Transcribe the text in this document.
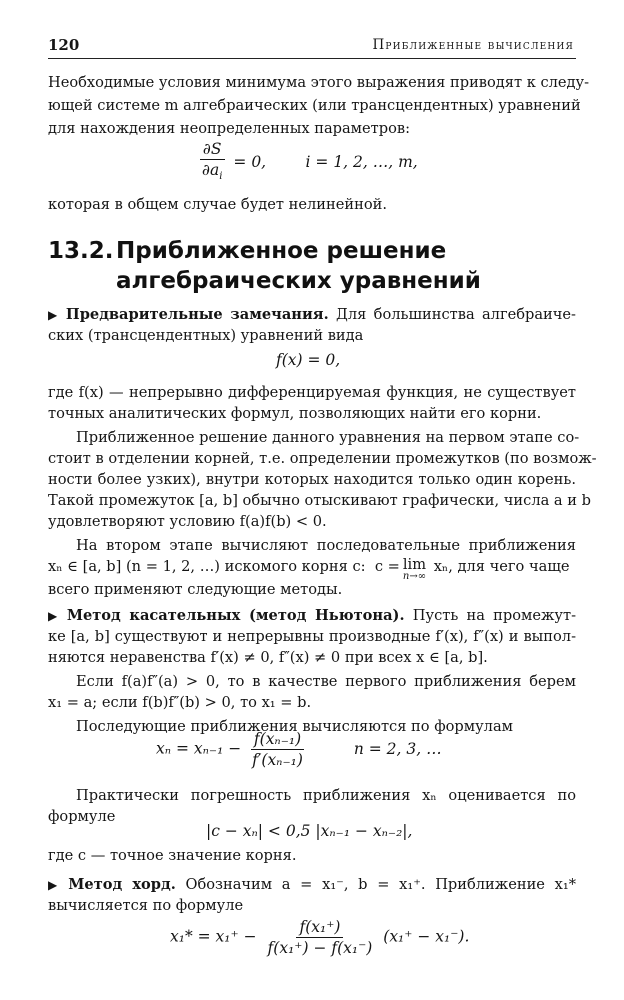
120	Приближенные вычисления
Необходимые условия минимума этого выражения приводят к следу-
ющей системе m алгебраических (или трансцендентных) уравнений
для нахождения неопределенных параметров:
$\frac{\partial S}{\partial a_i} = 0$,        i = 1, 2, …, m,
которая в общем случае будет нелинейной.
13.2. Приближенное решение
алгебраических уравнений
▶ Предварительные замечания. Для большинства алгебраиче-
ских (трансцендентных) уравнений вида
f(x) = 0,
где f(x) — непрерывно дифференцируемая функция, не существует
точных аналитических формул, позволяющих найти его корни.
Приближенное решение данного уравнения на первом этапе со-
стоит в отделении корней, т.е. определении промежутков (по возмож-
ности более узких), внутри которых находится только один корень.
Такой промежуток [a, b] обычно отыскивают графически, числа a и b
удовлетворяют условию f(a)f(b) < 0.
На втором этапе вычисляют последовательные приближения
xₙ ∈ [a, b] (n = 1, 2, …) искомого корня c:  c = lim
n→∞
xₙ, для чего чаще
всего применяют следующие методы.
▶ Метод касательных (метод Ньютона). Пусть на промежут-
ке [a, b] существуют и непрерывны производные f′(x), f″(x) и выпол-
няются неравенства f′(x) ≠ 0, f″(x) ≠ 0 при всех x ∈ [a, b].
Если f(a)f″(a) > 0, то в качестве первого приближения берем
x₁ = a; если f(b)f″(b) > 0, то x₁ = b.
Последующие приближения вычисляются по формулам
$x_n = x_{n-1} - \frac{\text{f(xₙ₋₁)}}{\text{f′(xₙ₋₁)}}$	n = 2, 3, …
Практически погрешность приближения xₙ оценивается по
формуле
|c − xₙ| < 0,5 |xₙ₋₁ − xₙ₋₂|,
где c — точное значение корня.
▶ Метод хорд. Обозначим a = x₁⁻, b = x₁⁺. Приближение x₁*
вычисляется по формуле
$x_1* = x_1^+ - \frac{\text{f(x₁⁺)}}{\text{f(x₁⁺) − f(x₁⁻)}} (x_1^+ - x_1^-)$.
